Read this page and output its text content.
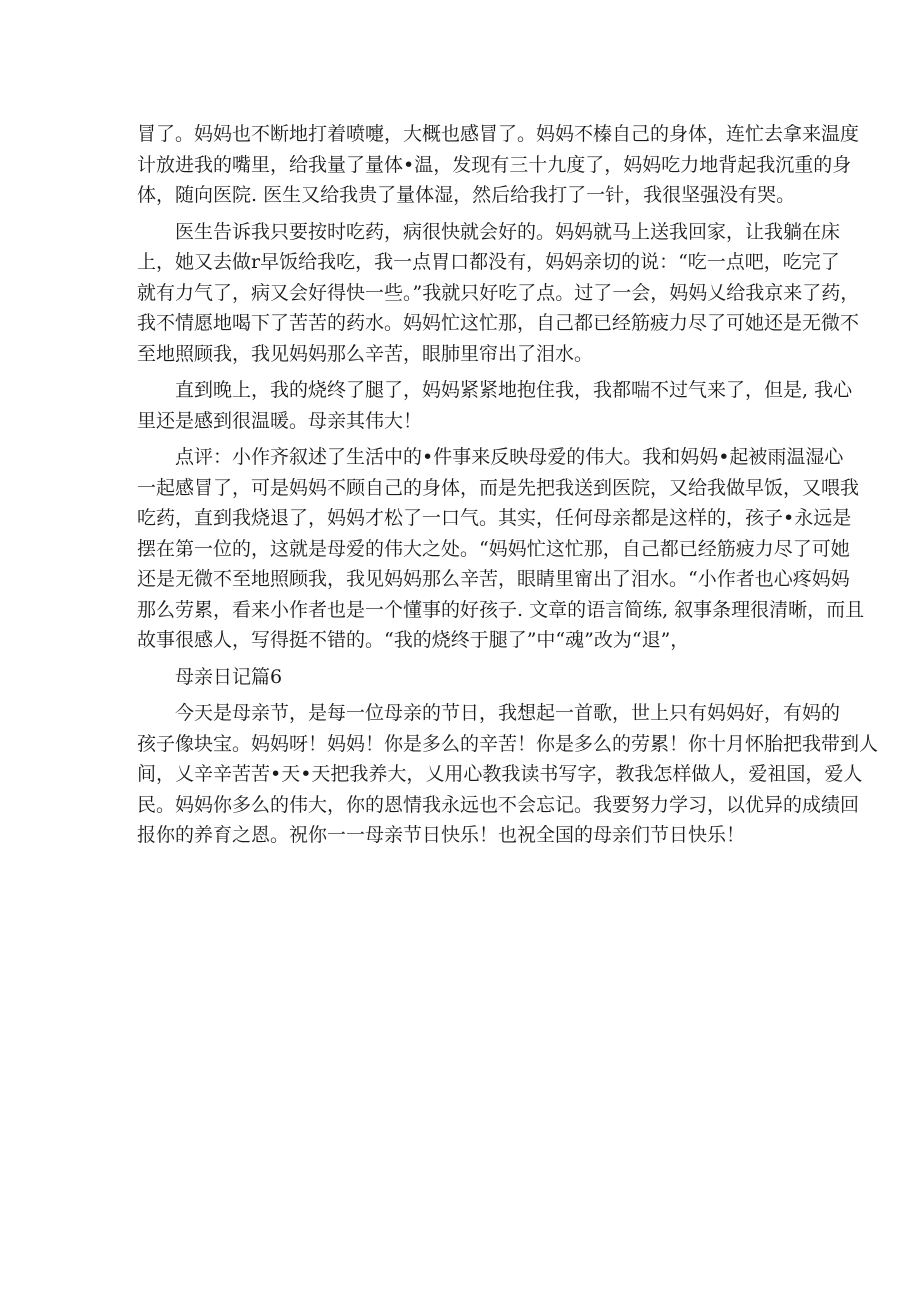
冒了。妈妈也不断地打着喷嚏，大概也感冒了。妈妈不榛自己的身体，连忙去拿来温度
计放进我的嘴里，给我量了量体•温，发现有三十九度了，妈妈吃力地背起我沉重的身
体，随向医院. 医生又给我贵了量体湿，然后给我打了一针，我很坚强没有哭。
医生告诉我只要按时吃药，病很快就会好的。妈妈就马上送我回家，让我躺在床
上，她又去做r早饭给我吃，我一点胃口都没有，妈妈亲切的说：“吃一点吧，吃完了
就有力气了，病又会好得快一些。”我就只好吃了点。过了一会，妈妈乂给我京来了药，
我不情愿地喝下了苦苦的药水。妈妈忙这忙那，自己都已经筋疲力尽了可她还是无微不
至地照顾我，我见妈妈那么辛苦，眼肺里帘出了泪水。
直到晚上，我的烧终了腿了，妈妈紧紧地抱住我，我都喘不过气来了，但是, 我心
里还是感到很温暖。母亲其伟大！
点评：小作齐叙述了生活中的•件事来反映母爱的伟大。我和妈妈•起被雨温湿心
一起感冒了，可是妈妈不顾自己的身体，而是先把我送到医院，又给我做早饭，又喂我
吃药，直到我烧退了，妈妈才松了一口气。其实，任何母亲都是这样的，孩子•永远是
摆在第一位的，这就是母爱的伟大之处。“妈妈忙这忙那，自己都已经筋疲力尽了可她
还是无微不至地照顾我，我见妈妈那么辛苦，眼睛里甯出了泪水。“小作者也心疼妈妈
那么劳累，看来小作者也是一个懂事的好孩子. 文章的语言简练, 叙事条理很清晰，而且
故事很感人，写得挺不错的。“我的烧终于腿了”中“魂”改为“退”，
母亲日记篇6
今天是母亲节，是每一位母亲的节日，我想起一首歌，世上只有妈妈好，有妈的
孩子像块宝。妈妈呀！妈妈！你是多么的辛苦！你是多么的劳累！你十月怀胎把我带到人
间，乂辛辛苦苦•天•天把我养大，乂用心教我读书写字，教我怎样做人，爱祖国，爱人
民。妈妈你多么的伟大，你的恩情我永远也不会忘记。我要努力学习，以优异的成绩回
报你的养育之恩。祝你一一母亲节日快乐！也祝全国的母亲们节日快乐！
